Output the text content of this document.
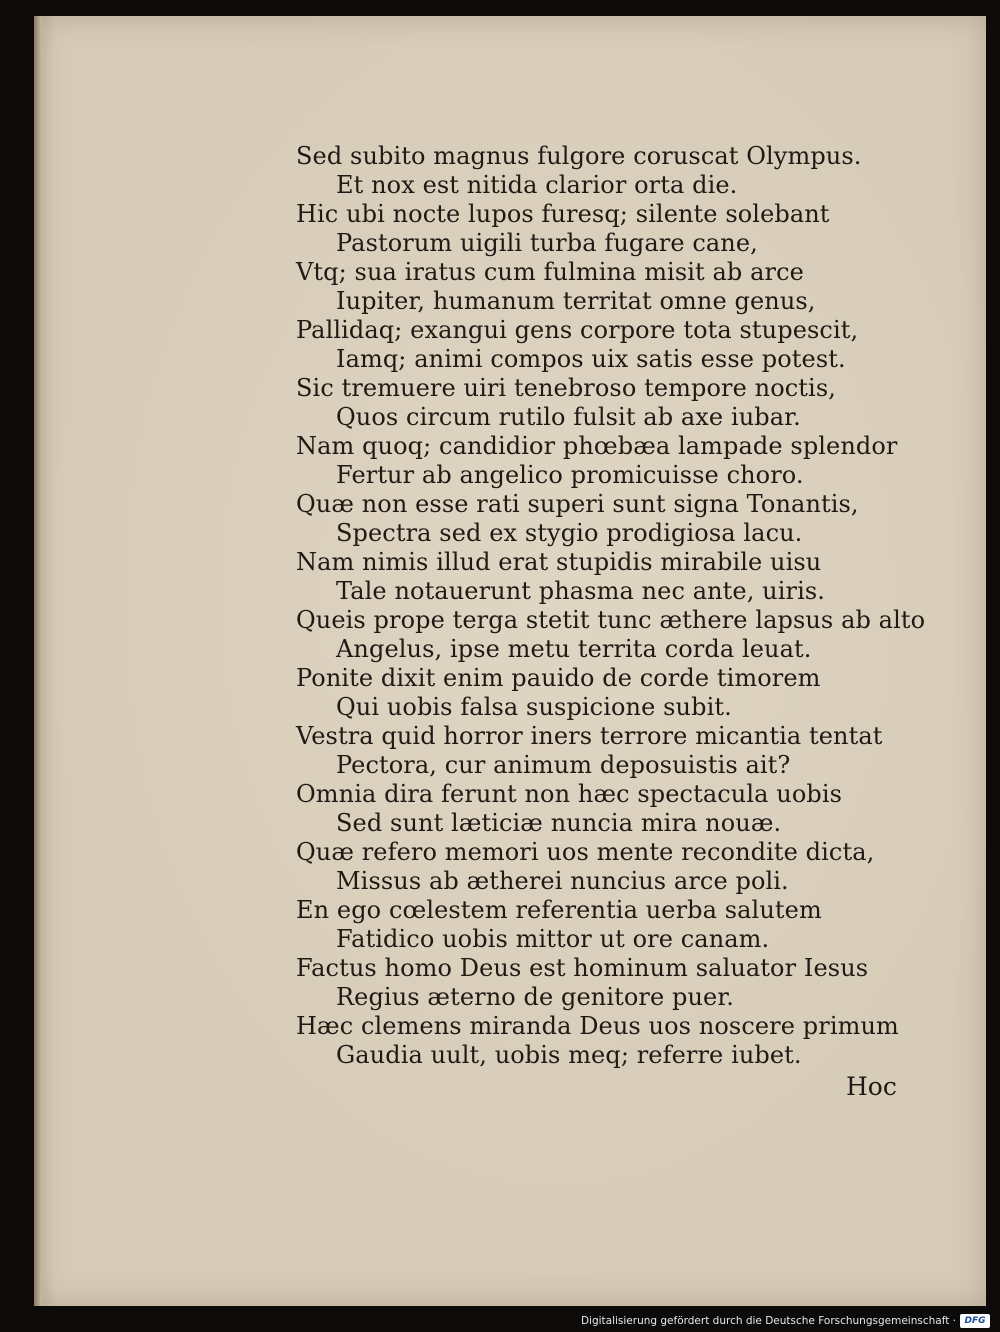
Sed subito magnus fulgore coruscat Olympus.
Et nox est nitida clarior orta die.
Hic ubi nocte lupos furesq; silente solebant
Pastorum uigili turba fugare cane,
Vtq; sua iratus cum fulmina misit ab arce
Iupiter, humanum territat omne genus,
Pallidaq; exangui gens corpore tota stupescit,
Iamq; animi compos uix satis esse potest.
Sic tremuere uiri tenebroso tempore noctis,
Quos circum rutilo fulsit ab axe iubar.
Nam quoq; candidior phœbæa lampade splendor
Fertur ab angelico promicuisse choro.
Quæ non esse rati superi sunt signa Tonantis,
Spectra sed ex stygio prodigiosa lacu.
Nam nimis illud erat stupidis mirabile uisu
Tale notauerunt phasma nec ante, uiris.
Queis prope terga stetit tunc æthere lapsus ab alto
Angelus, ipse metu territa corda leuat.
Ponite dixit enim pauido de corde timorem
Qui uobis falsa suspicione subit.
Vestra quid horror iners terrore micantia tentat
Pectora, cur animum deposuistis ait?
Omnia dira ferunt non hæc spectacula uobis
Sed sunt læticiæ nuncia mira nouæ.
Quæ refero memori uos mente recondite dicta,
Missus ab ætherei nuncius arce poli.
En ego cœlestem referentia uerba salutem
Fatidico uobis mittor ut ore canam.
Factus homo Deus est hominum saluator Iesus
Regius æterno de genitore puer.
Hæc clemens miranda Deus uos noscere primum
Gaudia uult, uobis meq; referre iubet.
Hoc
Digitalisierung gefördert durch die Deutsche Forschungsgemeinschaft · DFG
